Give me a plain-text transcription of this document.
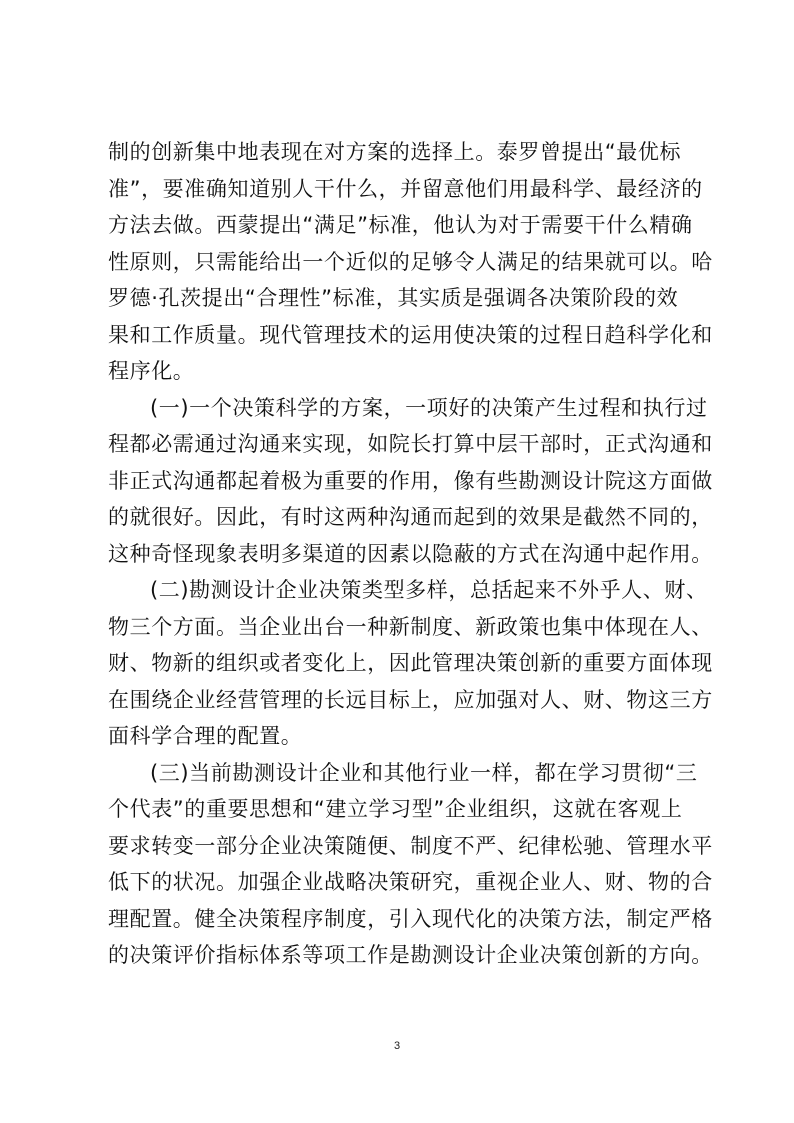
制的创新集中地表现在对方案的选择上。泰罗曾提出“最优标
准”，要准确知道别人干什么，并留意他们用最科学、最经济的
方法去做。西蒙提出“满足”标准，他认为对于需要干什么精确
性原则，只需能给出一个近似的足够令人满足的结果就可以。哈
罗德·孔茨提出“合理性”标准，其实质是强调各决策阶段的效
果和工作质量。现代管理技术的运用使决策的过程日趋科学化和
程序化。
(一)一个决策科学的方案，一项好的决策产生过程和执行过
程都必需通过沟通来实现，如院长打算中层干部时，正式沟通和
非正式沟通都起着极为重要的作用，像有些勘测设计院这方面做
的就很好。因此，有时这两种沟通而起到的效果是截然不同的，
这种奇怪现象表明多渠道的因素以隐蔽的方式在沟通中起作用。
(二)勘测设计企业决策类型多样，总括起来不外乎人、财、
物三个方面。当企业出台一种新制度、新政策也集中体现在人、
财、物新的组织或者变化上，因此管理决策创新的重要方面体现
在围绕企业经营管理的长远目标上，应加强对人、财、物这三方
面科学合理的配置。
(三)当前勘测设计企业和其他行业一样，都在学习贯彻“三
个代表”的重要思想和“建立学习型”企业组织，这就在客观上
要求转变一部分企业决策随便、制度不严、纪律松驰、管理水平
低下的状况。加强企业战略决策研究，重视企业人、财、物的合
理配置。健全决策程序制度，引入现代化的决策方法，制定严格
的决策评价指标体系等项工作是勘测设计企业决策创新的方向。
3
